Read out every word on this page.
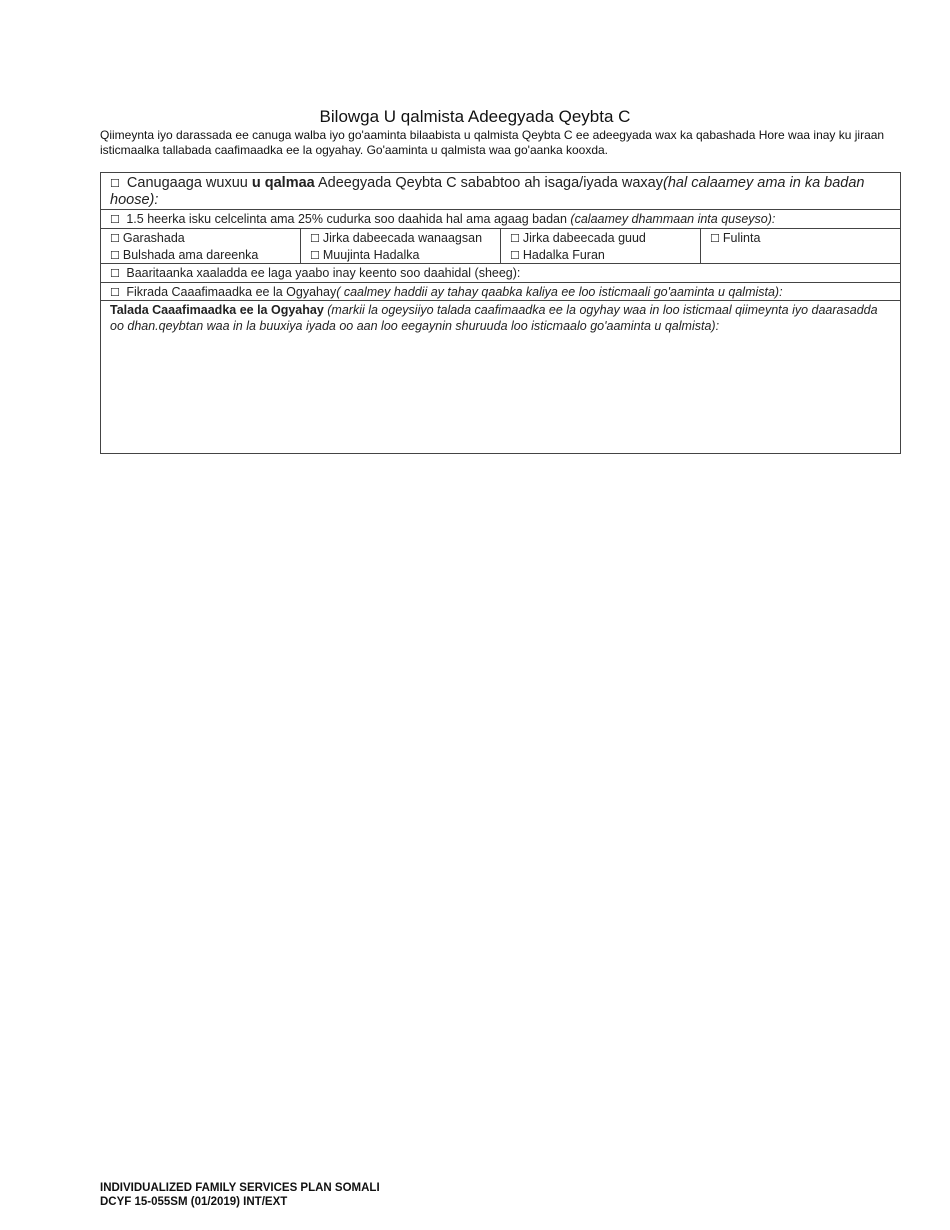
Bilowga U qalmista Adeegyada Qeybta C
Qiimeynta iyo darassada ee canuga walba iyo go'aaminta bilaabista u qalmista Qeybta C ee adeegyada wax ka qabashada Hore waa inay ku jiraan isticmaalka tallabada caafimaadka ee la ogyahay. Go'aaminta u qalmista waa go'aanka kooxda.
☐ Canugaaga wuxuu u qalmaa Adeegyada Qeybta C sababtoo ah isaga/iyada waxay(hal calaamey ama in ka badan hoose):
☐ 1.5 heerka isku celcelinta ama 25% cudurka soo daahida hal ama agaag badan (calaamey dhammaan inta quseyso):
☐ Garashada
☐ Bulshada ama dareenka
☐ Jirka dabeecada wanaagsan
☐ Muujinta Hadalka
☐ Jirka dabeecada guud
☐ Hadalka Furan
☐ Fulinta
☐ Baaritaanka xaaladda ee laga yaabo inay keento soo daahidal (sheeg):
☐ Fikrada Caaafimaadka ee la Ogyahay( caalmey haddii ay tahay qaabka kaliya ee loo isticmaali go'aaminta u qalmista):
Talada Caaafimaadka ee la Ogyahay (markii la ogeysiiyo talada caafimaadka ee la ogyhay waa in loo isticmaal qiimeynta iyo daarasadda oo dhan.qeybtan waa in la buuxiya iyada oo aan loo eegaynin shuruuda loo isticmaalo go'aaminta u qalmista):
INDIVIDUALIZED FAMILY SERVICES PLAN SOMALI
DCYF 15-055SM (01/2019) INT/EXT
